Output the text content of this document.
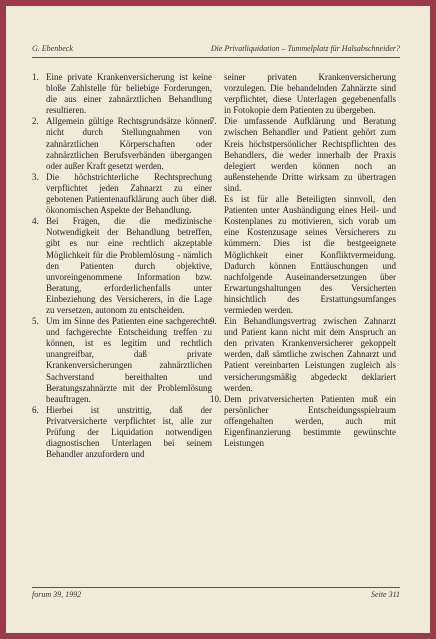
G. Ebenbeck	Die Privatliquidation – Tummelplatz für Halsabschneider?
1. Eine private Krankenversicherung ist keine bloße Zahlstelle für beliebige Forderungen, die aus einer zahnärztlichen Behandlung resultieren.
2. Allgemein gültige Rechtsgrundsätze können nicht durch Stellungnahmen von zahnärztlichen Körperschaften oder zahnärztlichen Berufsverbänden übergangen oder außer Kraft gesetzt werden.
3. Die höchstrichterliche Rechtsprechung verpflichtet jeden Zahnarzt zu einer gebotenen Patientenaufklärung auch über die ökonomischen Aspekte der Behandlung.
4. Bei Fragen, die die medizinische Notwendigkeit der Behandlung betreffen, gibt es nur eine rechtlich akzeptable Möglichkeit für die Problemlösung - nämlich den Patienten durch objektive, unvoreingenommene Information bzw. Beratung, erforderlichenfalls unter Einbeziehung des Versicherers, in die Lage zu versetzen, autonom zu entscheiden.
5. Um im Sinne des Patienten eine sachgerechte und fachgerechte Entscheidung treffen zu können, ist es legitim und rechtlich unangreifbar, daß private Krankenversicherungen zahnärztlichen Sachverstand bereithalten und Beratungszahnärzte mit der Problemlösung beauftragen.
6. Hierbei ist unstrittig, daß der Privatversicherte verpflichtet ist, alle zur Prüfung der Liquidation notwendigen diagnostischen Unterlagen bei seinem Behandler anzufordern und
seiner privaten Krankenversicherung vorzulegen. Die behandelnden Zahnärzte sind verpflichtet, diese Unterlagen gegebenenfalls in Fotokopie dem Patienten zu übergeben.
7. Die umfassende Aufklärung und Beratung zwischen Behandler und Patient gehört zum Kreis höchstpersönlicher Rechtspflichten des Behandlers, die weder innerhalb der Praxis delegiert werden können noch an außenstehende Dritte wirksam zu übertragen sind.
8. Es ist für alle Beteiligten sinnvoll, den Patienten unter Aushändigung eines Heil- und Kostenplanes zu motivieren, sich vorab um eine Kostenzusage seines Versicherers zu kümmern. Dies ist die bestgeeignete Möglichkeit einer Konfliktvermeidung. Dadurch können Enttäuschungen und nachfolgende Auseinandersetzungen über Erwartungshaltungen des Versicherten hinsichtlich des Erstattungsumfanges vermieden werden.
9. Ein Behandlungsvertrag zwischen Zahnarzt und Patient kann nicht mit dem Anspruch an den privaten Krankenversicherer gekoppelt werden, daß sämtliche zwischen Zahnarzt und Patient vereinbarten Leistungen zugleich als versicherungsmäßig abgedeckt deklariert werden.
10. Dem privatversicherten Patienten muß ein persönlicher Entscheidungsspielraum offengehalten werden, auch mit Eigenfinanzierung bestimmte gewünschte Leistungen
forum 39, 1992	Seite 311
